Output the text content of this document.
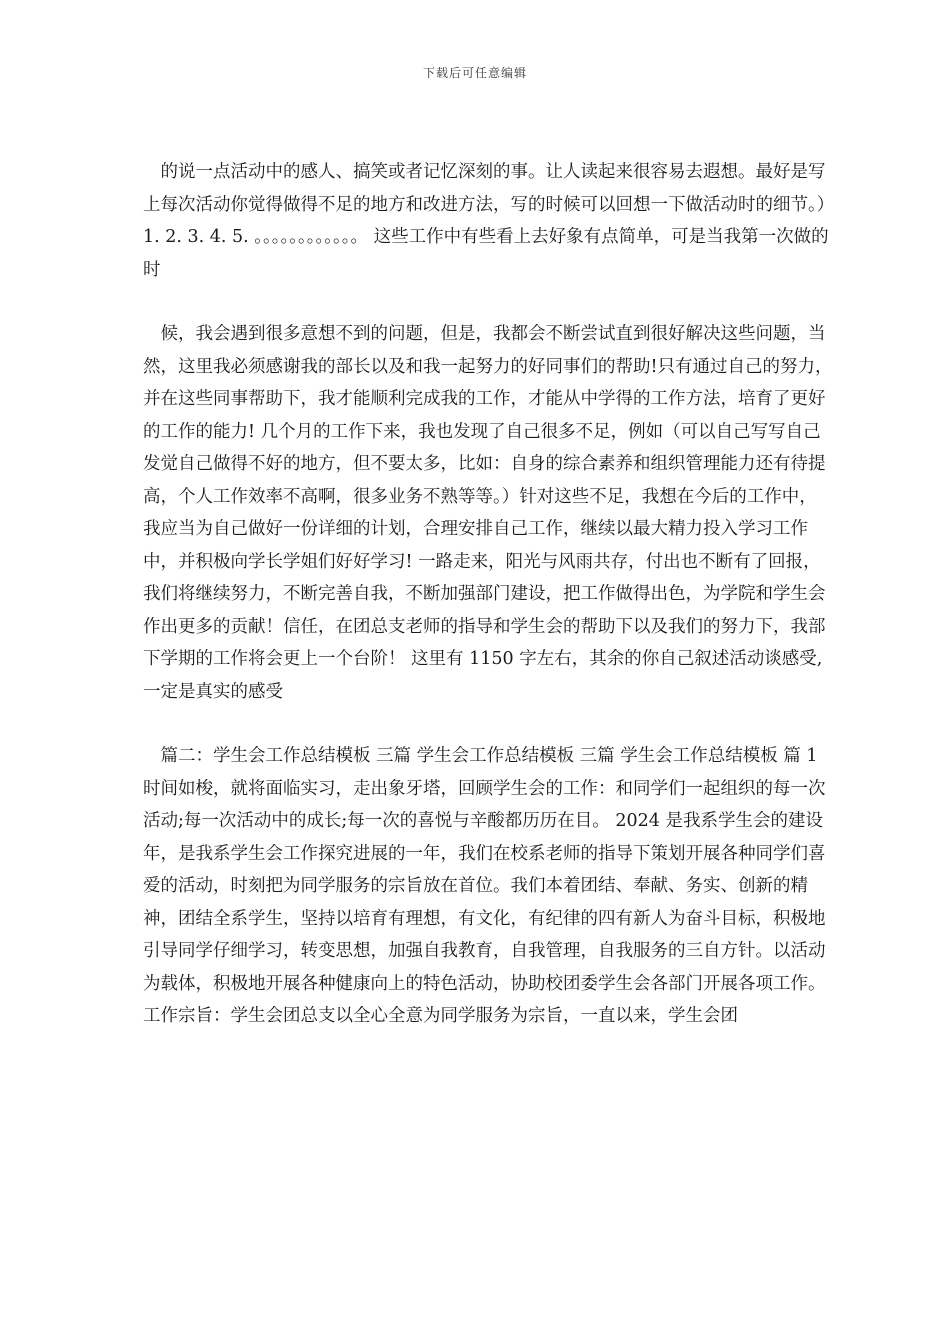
下载后可任意编辑

　的说一点活动中的感人、搞笑或者记忆深刻的事。让人读起来很容易去遐想。最好是写上每次活动你觉得做得不足的地方和改进方法，写的时候可以回想一下做活动时的细节。）1. 2. 3. 4. 5. 。。。。。。。。。。。。 这些工作中有些看上去好象有点简单，可是当我第一次做的时

　候，我会遇到很多意想不到的问题，但是，我都会不断尝试直到很好解决这些问题，当然，这里我必须感谢我的部长以及和我一起努力的好同事们的帮助!只有通过自己的努力，并在这些同事帮助下，我才能顺利完成我的工作，才能从中学得的工作方法，培育了更好的工作的能力! 几个月的工作下来，我也发现了自己很多不足，例如（可以自己写写自己发觉自己做得不好的地方，但不要太多，比如：自身的综合素养和组织管理能力还有待提高，个人工作效率不高啊，很多业务不熟等等。）针对这些不足，我想在今后的工作中，我应当为自己做好一份详细的计划，合理安排自己工作，继续以最大精力投入学习工作中，并积极向学长学姐们好好学习! 一路走来，阳光与风雨共存，付出也不断有了回报，我们将继续努力，不断完善自我，不断加强部门建设，把工作做得出色，为学院和学生会作出更多的贡献！信任，在团总支老师的指导和学生会的帮助下以及我们的努力下，我部下学期的工作将会更上一个台阶！ 这里有 1150 字左右，其余的你自己叙述活动谈感受,一定是真实的感受

　篇二：学生会工作总结模板 三篇 学生会工作总结模板 三篇 学生会工作总结模板 篇 1 时间如梭，就将面临实习，走出象牙塔，回顾学生会的工作：和同学们一起组织的每一次活动;每一次活动中的成长;每一次的喜悦与辛酸都历历在目。 2024 是我系学生会的建设年，是我系学生会工作探究进展的一年，我们在校系老师的指导下策划开展各种同学们喜爱的活动，时刻把为同学服务的宗旨放在首位。我们本着团结、奉献、务实、创新的精神，团结全系学生，坚持以培育有理想，有文化，有纪律的四有新人为奋斗目标，积极地引导同学仔细学习，转变思想，加强自我教育，自我管理，自我服务的三自方针。以活动为载体，积极地开展各种健康向上的特色活动，协助校团委学生会各部门开展各项工作。 工作宗旨：学生会团总支以全心全意为同学服务为宗旨，一直以来，学生会团
